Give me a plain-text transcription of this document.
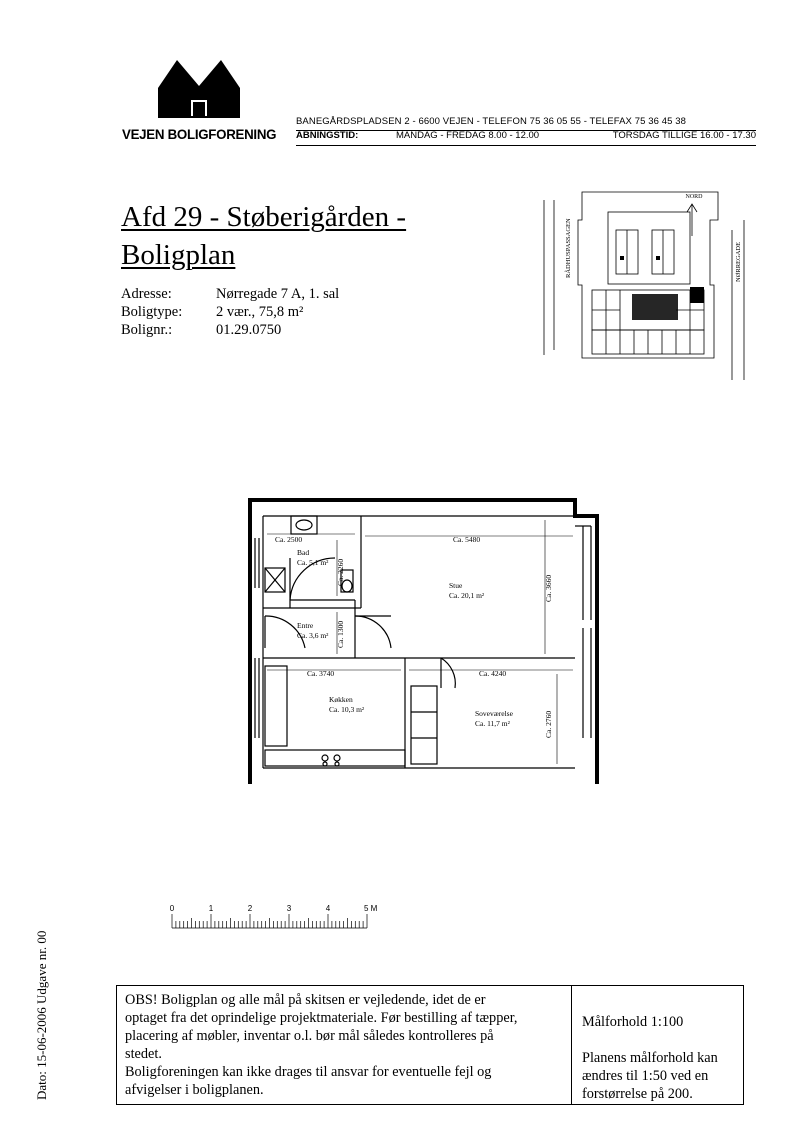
VEJEN BOLIGFORENING
BANEGÅRDSPLADSEN 2 - 6600 VEJEN - TELEFON 75 36 05 55 - TELEFAX 75 36 45 38
ABNINGSTID:	MANDAG - FREDAG 8.00 - 12.00	TORSDAG TILLIGE 16.00 - 17.30
Afd 29 - Støberigården -
Boligplan
Adresse:	Nørregade 7 A, 1. sal
Boligtype:	2 vær., 75,8 m²
Bolignr.:	01.29.0750
NORD
RÅDHUSPASSAGEN	NØRREGADE
Ca. 2500	Ca. 5480
Ca. 2260
Ca. 3660
Ca. 1300
Ca. 3740	Ca. 4240
Ca. 2760
Bad
Ca. 5,1 m²
Entre
Ca. 3,6 m²
Stue
Ca. 20,1 m²
Køkken
Ca. 10,3 m²	Soveværelse
Ca. 11,7 m²
0	1	2	3	4	5 M
Dato: 15-06-2006 Udgave nr. 00	OBS! Boligplan og alle mål på skitsen er vejledende, idet de er

optaget fra det oprindelige projektmateriale. Før bestilling af tæpper,

placering af møbler, inventar o.l. bør mål således kontrolleres på

stedet.

Boligforeningen kan ikke drages til ansvar for eventuelle fejl og

afvigelser i boligplanen.

Målforhold 1:100

Planens målforhold kan

ændres til 1:50 ved en

forstørrelse på 200.
